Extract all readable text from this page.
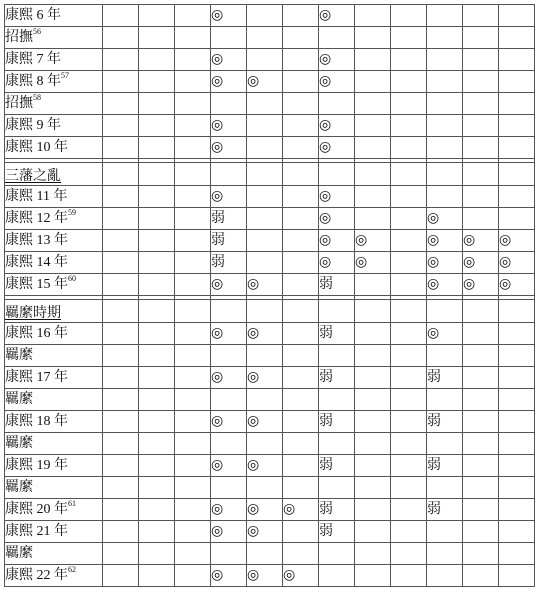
康熙 6 年				◎			◎					
招撫$^{56}$												
康熙 7 年				◎			◎					
康熙 8 年$^{57}$				◎	◎		◎					
招撫$^{58}$												
康熙 9 年				◎			◎					
康熙 10 年				◎			◎					

三藩之亂												
康熙 11 年				◎			◎					
康熙 12 年$^{59}$				弱			◎			◎		
康熙 13 年				弱			◎	◎		◎	◎	◎
康熙 14 年				弱			◎	◎		◎	◎	◎
康熙 15 年$^{60}$				◎	◎		弱			◎	◎	◎

羈縻時期												
康熙 16 年				◎	◎		弱			◎		
羈縻												
康熙 17 年				◎	◎		弱			弱		
羈縻												
康熙 18 年				◎	◎		弱			弱		
羈縻												
康熙 19 年				◎	◎		弱			弱		
羈縻												
康熙 20 年$^{61}$				◎	◎	◎	弱			弱		
康熙 21 年				◎	◎		弱					
羈縻												
康熙 22 年$^{62}$				◎	◎	◎						
